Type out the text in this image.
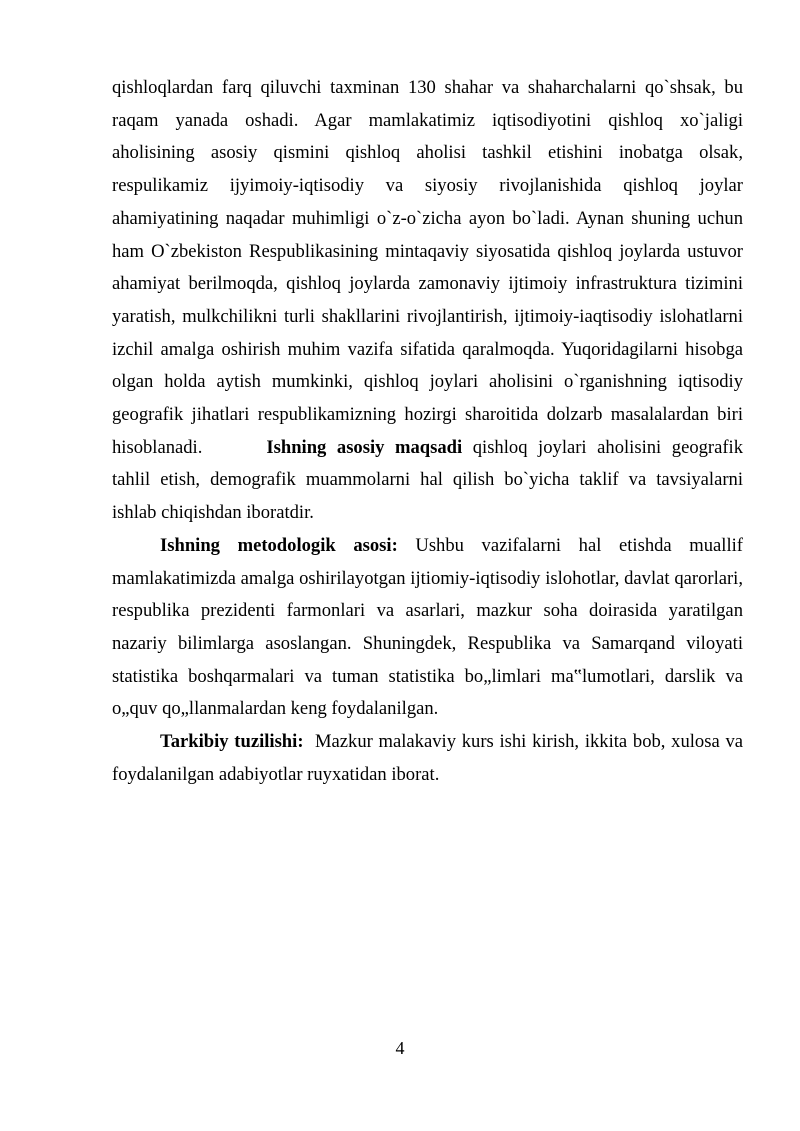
qishloqlardan farq qiluvchi taxminan 130 shahar va shaharchalarni qo`shsak, bu raqam yanada oshadi. Agar mamlakatimiz iqtisodiyotini qishloq xo`jaligi aholisining asosiy qismini qishloq aholisi tashkil etishini inobatga olsak, respulikamiz ijyimoiy-iqtisodiy va siyosiy rivojlanishida qishloq joylar ahamiyatining naqadar muhimligi o`z-o`zicha ayon bo`ladi. Aynan shuning uchun ham O`zbekiston Respublikasining mintaqaviy siyosatida qishloq joylarda ustuvor ahamiyat berilmoqda, qishloq joylarda zamonaviy ijtimoiy infrastruktura tizimini yaratish, mulkchilikni turli shakllarini rivojlantirish, ijtimoiy-iaqtisodiy islohatlarni izchil amalga oshirish muhim vazifa sifatida qaralmoqda. Yuqoridagilarni hisobga olgan holda aytish mumkinki, qishloq joylari aholisini o`rganishning iqtisodiy geografik jihatlari respublikamizning hozirgi sharoitida dolzarb masalalardan biri hisoblanadi.	Ishning asosiy maqsadi qishloq joylari aholisini geografik tahlil etish, demografik muammolarni hal qilish bo`yicha taklif va tavsiyalarni ishlab chiqishdan iboratdir.

Ishning metodologik asosi: Ushbu vazifalarni hal etishda muallif mamlakatimizda amalga oshirilayotgan ijtiomiy-iqtisodiy islohotlar, davlat qarorlari, respublika prezidenti farmonlari va asarlari, mazkur soha doirasida yaratilgan nazariy bilimlarga asoslangan. Shuningdek, Respublika va Samarqand viloyati statistika boshqarmalari va tuman statistika bo„limlari ma‟lumotlari, darslik va o„quv qo„llanmalardan keng foydalanilgan.

Tarkibiy tuzilishi:  Mazkur malakaviy kurs ishi kirish, ikkita bob, xulosa va foydalanilgan adabiyotlar ruyxatidan iborat.

4
